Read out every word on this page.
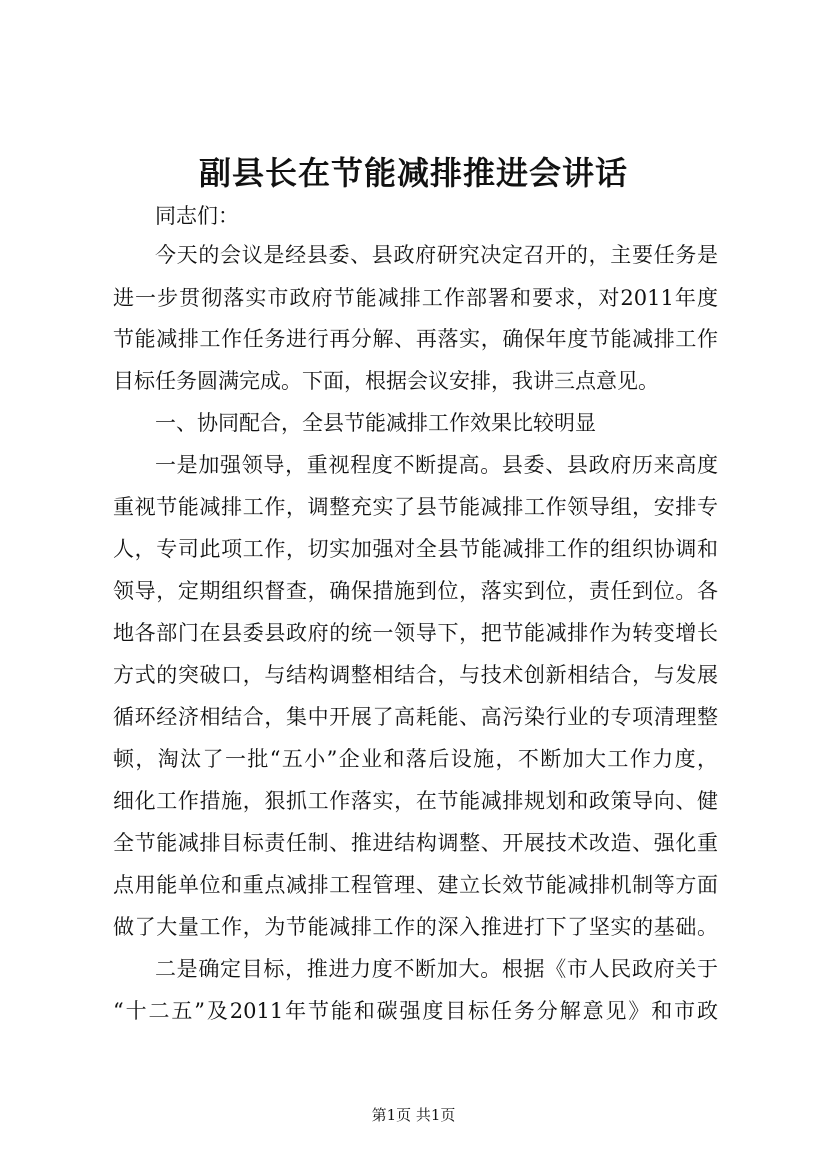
副县长在节能减排推进会讲话
同志们：
今天的会议是经县委、县政府研究决定召开的，主要任务是
进一步贯彻落实市政府节能减排工作部署和要求，对2011年度
节能减排工作任务进行再分解、再落实，确保年度节能减排工作
目标任务圆满完成。下面，根据会议安排，我讲三点意见。
一、协同配合，全县节能减排工作效果比较明显
一是加强领导，重视程度不断提高。县委、县政府历来高度
重视节能减排工作，调整充实了县节能减排工作领导组，安排专
人，专司此项工作，切实加强对全县节能减排工作的组织协调和
领导，定期组织督查，确保措施到位，落实到位，责任到位。各
地各部门在县委县政府的统一领导下，把节能减排作为转变增长
方式的突破口，与结构调整相结合，与技术创新相结合，与发展
循环经济相结合，集中开展了高耗能、高污染行业的专项清理整
顿，淘汰了一批“五小”企业和落后设施，不断加大工作力度，
细化工作措施，狠抓工作落实，在节能减排规划和政策导向、健
全节能减排目标责任制、推进结构调整、开展技术改造、强化重
点用能单位和重点减排工程管理、建立长效节能减排机制等方面
做了大量工作，为节能减排工作的深入推进打下了坚实的基础。
二是确定目标，推进力度不断加大。根据《市人民政府关于
“十二五”及2011年节能和碳强度目标任务分解意见》和市政
第1页 共1页
